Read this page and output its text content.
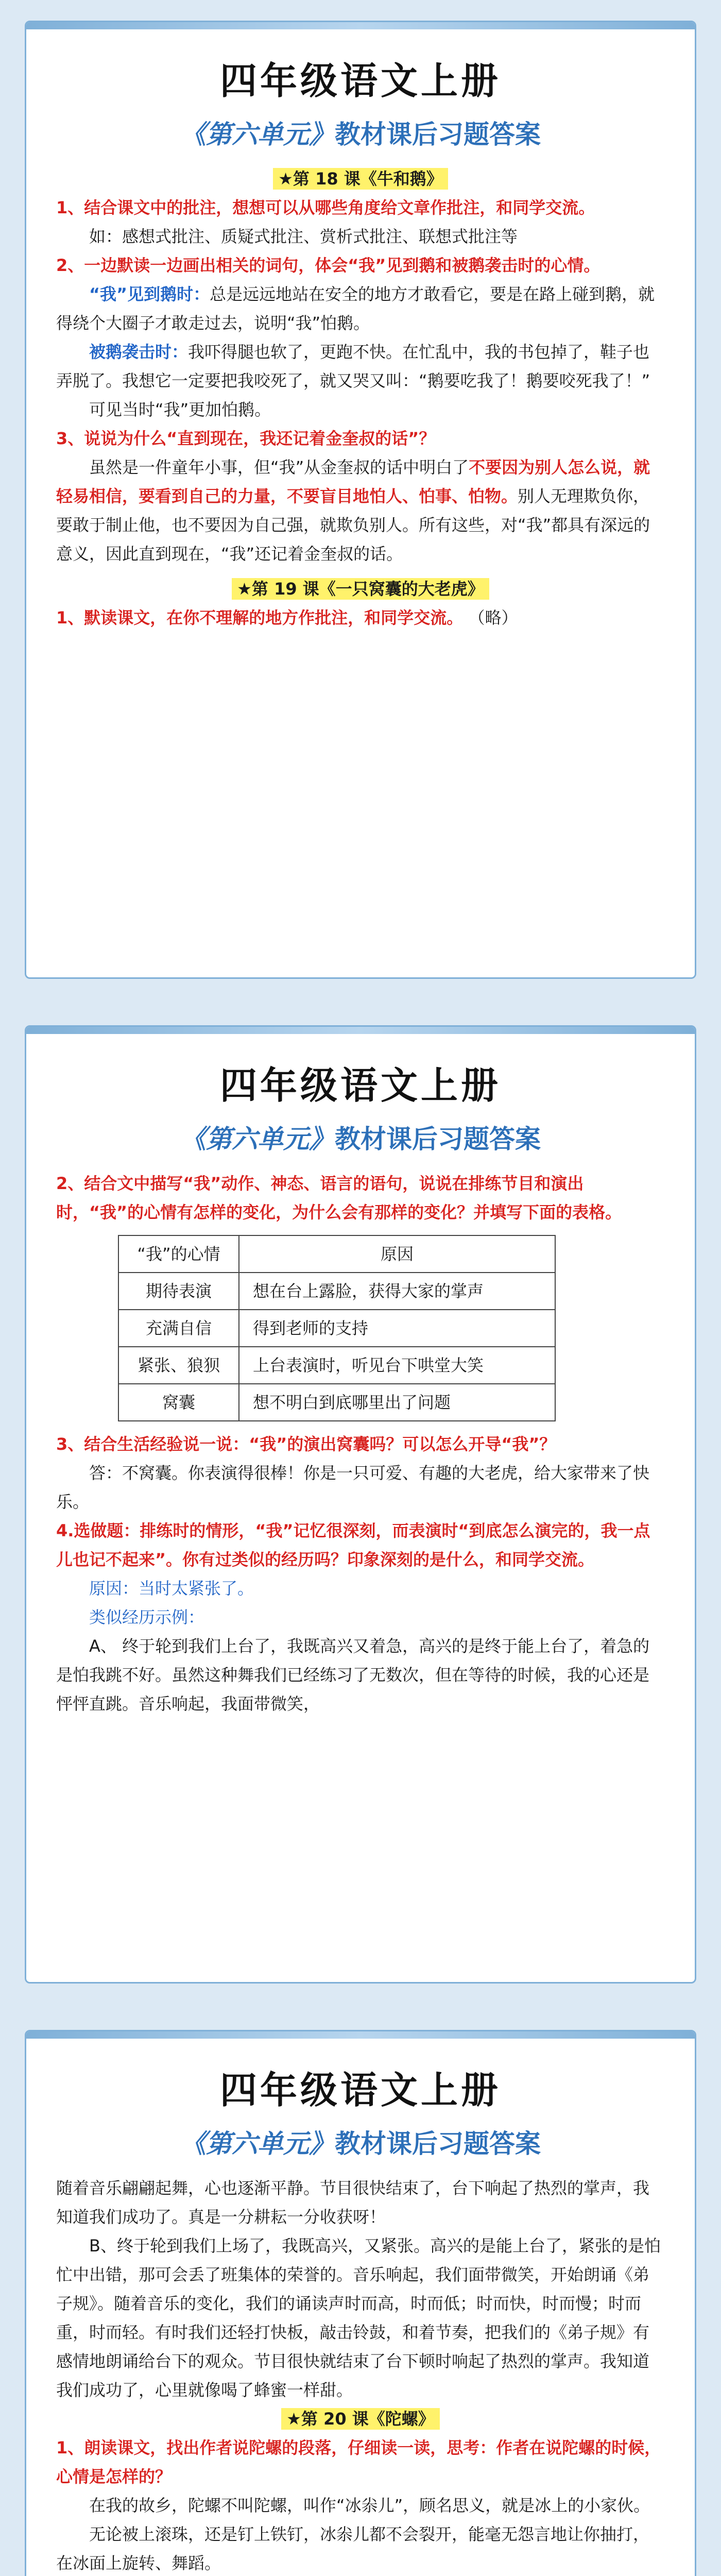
四年级语文上册
《第六单元》教材课后习题答案

★第 18 课《牛和鹅》

1、结合课文中的批注，想想可以从哪些角度给文章作批注，和同学交流。

如：感想式批注、质疑式批注、赏析式批注、联想式批注等

2、一边默读一边画出相关的词句，体会“我”见到鹅和被鹅袭击时的心情。

“我”见到鹅时：总是远远地站在安全的地方才敢看它，要是在路上碰到鹅，就得绕个大圈子才敢走过去，说明“我”怕鹅。

被鹅袭击时：我吓得腿也软了，更跑不快。在忙乱中，我的书包掉了，鞋子也弄脱了。我想它一定要把我咬死了，就又哭又叫：“鹅要吃我了！鹅要咬死我了！”

可见当时“我”更加怕鹅。

3、说说为什么“直到现在，我还记着金奎叔的话”？

虽然是一件童年小事，但“我”从金奎叔的话中明白了不要因为别人怎么说，就轻易相信，要看到自己的力量，不要盲目地怕人、怕事、怕物。别人无理欺负你，要敢于制止他，也不要因为自己强，就欺负别人。所有这些，对“我”都具有深远的意义，因此直到现在，“我”还记着金奎叔的话。

★第 19 课《一只窝囊的大老虎》

1、默读课文，在你不理解的地方作批注，和同学交流。 （略）

四年级语文上册
《第六单元》教材课后习题答案

2、结合文中描写“我”动作、神态、语言的语句，说说在排练节目和演出时，“我”的心情有怎样的变化，为什么会有那样的变化？并填写下面的表格。

“我”的心情	原因
期待表演	想在台上露脸，获得大家的掌声
充满自信	得到老师的支持
紧张、狼狈	上台表演时，听见台下哄堂大笑
窝囊	想不明白到底哪里出了问题

3、结合生活经验说一说：“我”的演出窝囊吗？可以怎么开导“我”？

答：不窝囊。你表演得很棒！你是一只可爱、有趣的大老虎，给大家带来了快乐。

4.选做题：排练时的情形，“我”记忆很深刻，而表演时“到底怎么演完的，我一点儿也记不起来”。你有过类似的经历吗？印象深刻的是什么，和同学交流。

原因：当时太紧张了。

类似经历示例：

A、 终于轮到我们上台了，我既高兴又着急，高兴的是终于能上台了，着急的是怕我跳不好。虽然这种舞我们已经练习了无数次，但在等待的时候，我的心还是怦怦直跳。音乐响起，我面带微笑，

四年级语文上册
《第六单元》教材课后习题答案

随着音乐翩翩起舞，心也逐渐平静。节目很快结束了，台下响起了热烈的掌声，我知道我们成功了。真是一分耕耘一分收获呀！

B、终于轮到我们上场了，我既高兴，又紧张。高兴的是能上台了，紧张的是怕忙中出错，那可会丢了班集体的荣誉的。音乐响起，我们面带微笑，开始朗诵《弟子规》。随着音乐的变化，我们的诵读声时而高，时而低；时而快，时而慢；时而重，时而轻。有时我们还轻打快板，敲击铃鼓，和着节奏，把我们的《弟子规》有感情地朗诵给台下的观众。节目很快就结束了台下顿时响起了热烈的掌声。我知道我们成功了，心里就像喝了蜂蜜一样甜。

★第 20 课《陀螺》

1、朗读课文，找出作者说陀螺的段落，仔细读一读，思考：作者在说陀螺的时候，心情是怎样的？

在我的故乡，陀螺不叫陀螺，叫作“冰尜儿”，顾名思义，就是冰上的小家伙。

无论被上滚珠，还是钉上铁钉，冰尜儿都不会裂开，能毫无怨言地让你抽打，在冰面上旋转、舞蹈。
